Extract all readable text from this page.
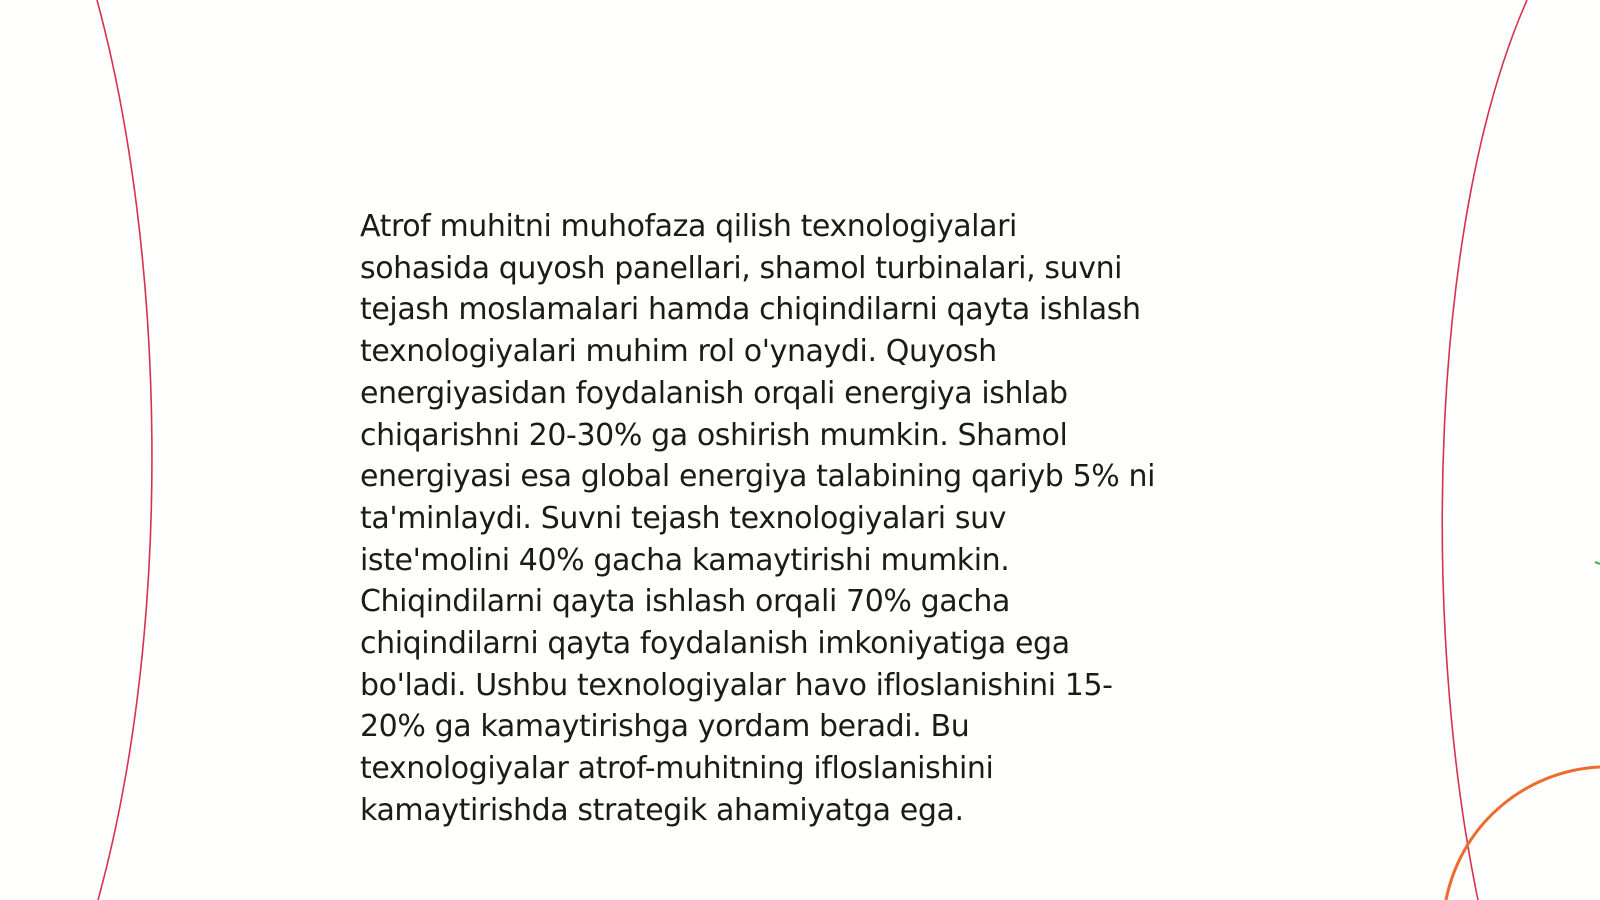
Atrof muhitni muhofaza qilish texnologiyalari
sohasida quyosh panellari, shamol turbinalari, suvni
tejash moslamalari hamda chiqindilarni qayta ishlash
texnologiyalari muhim rol o'ynaydi. Quyosh
energiyasidan foydalanish orqali energiya ishlab
chiqarishni 20-30% ga oshirish mumkin. Shamol
energiyasi esa global energiya talabining qariyb 5% ni
ta'minlaydi. Suvni tejash texnologiyalari suv
iste'molini 40% gacha kamaytirishi mumkin.
Chiqindilarni qayta ishlash orqali 70% gacha
chiqindilarni qayta foydalanish imkoniyatiga ega
bo'ladi. Ushbu texnologiyalar havo ifloslanishini 15-
20% ga kamaytirishga yordam beradi. Bu
texnologiyalar atrof-muhitning ifloslanishini
kamaytirishda strategik ahamiyatga ega.
